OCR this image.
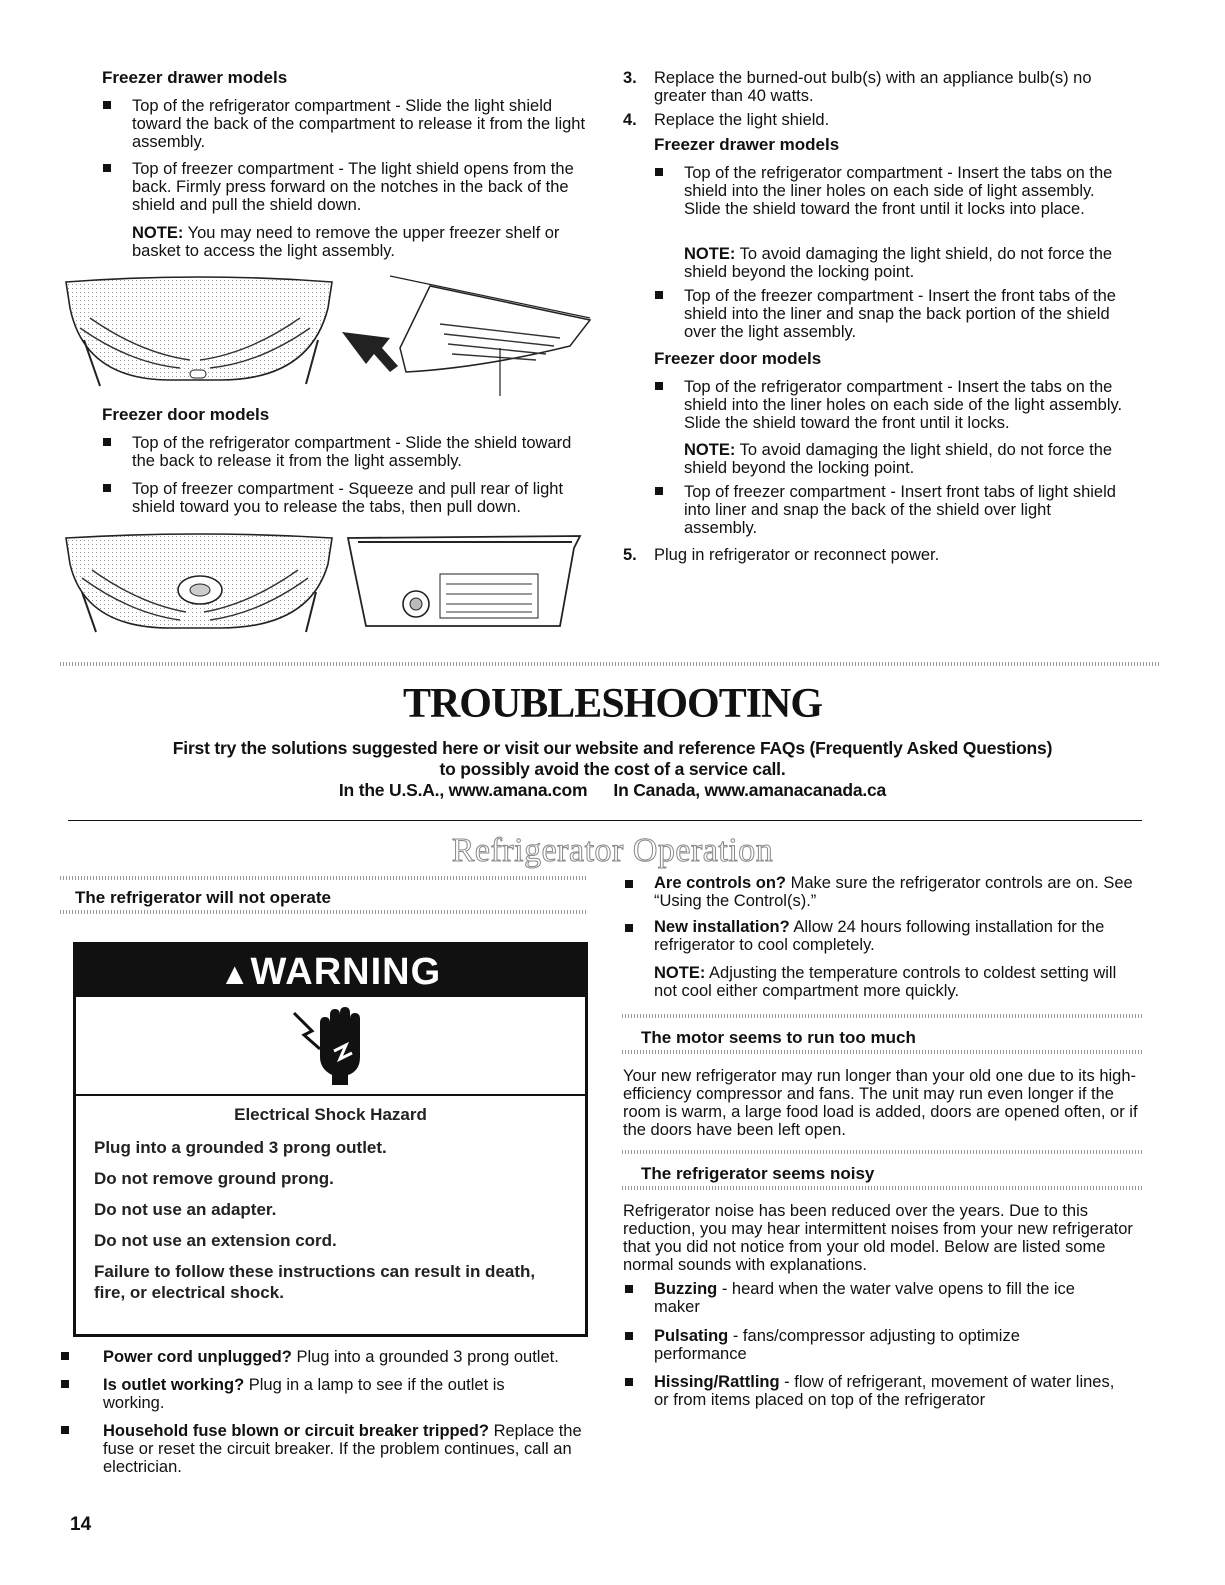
Freezer drawer models
Top of the refrigerator compartment - Slide the light shield toward the back of the compartment to release it from the light assembly.
Top of freezer compartment - The light shield opens from the back. Firmly press forward on the notches in the back of the shield and pull the shield down.
NOTE: You may need to remove the upper freezer shelf or basket to access the light assembly.
Freezer door models
Top of the refrigerator compartment - Slide the shield toward the back to release it from the light assembly.
Top of freezer compartment - Squeeze and pull rear of light shield toward you to release the tabs, then pull down.
3. Replace the burned-out bulb(s) with an appliance bulb(s) no greater than 40 watts.
4. Replace the light shield.
Freezer drawer models
Top of the refrigerator compartment - Insert the tabs on the shield into the liner holes on each side of light assembly. Slide the shield toward the front until it locks into place.
NOTE: To avoid damaging the light shield, do not force the shield beyond the locking point.
Top of the freezer compartment - Insert the front tabs of the shield into the liner and snap the back portion of the shield over the light assembly.
Freezer door models
Top of the refrigerator compartment - Insert the tabs on the shield into the liner holes on each side of the light assembly. Slide the shield toward the front until it locks.
NOTE: To avoid damaging the light shield, do not force the shield beyond the locking point.
Top of freezer compartment - Insert front tabs of light shield into liner and snap the back of the shield over light assembly.
5. Plug in refrigerator or reconnect power.
TROUBLESHOOTING
First try the solutions suggested here or visit our website and reference FAQs (Frequently Asked Questions)
to possibly avoid the cost of a service call.
In the U.S.A., www.amana.com In Canada, www.amanacanada.ca
Refrigerator Operation
The refrigerator will not operate
▲WARNING
Electrical Shock Hazard
Plug into a grounded 3 prong outlet.
Do not remove ground prong.
Do not use an adapter.
Do not use an extension cord.
Failure to follow these instructions can result in death,
fire, or electrical shock.
Power cord unplugged? Plug into a grounded 3 prong outlet.
Is outlet working? Plug in a lamp to see if the outlet is working.
Household fuse blown or circuit breaker tripped? Replace the fuse or reset the circuit breaker. If the problem continues, call an electrician.
Are controls on? Make sure the refrigerator controls are on. See “Using the Control(s).”
New installation? Allow 24 hours following installation for the refrigerator to cool completely.
NOTE: Adjusting the temperature controls to coldest setting will not cool either compartment more quickly.
The motor seems to run too much
Your new refrigerator may run longer than your old one due to its high-efficiency compressor and fans. The unit may run even longer if the room is warm, a large food load is added, doors are opened often, or if the doors have been left open.
The refrigerator seems noisy
Refrigerator noise has been reduced over the years. Due to this reduction, you may hear intermittent noises from your new refrigerator that you did not notice from your old model. Below are listed some normal sounds with explanations.
Buzzing - heard when the water valve opens to fill the ice maker
Pulsating - fans/compressor adjusting to optimize performance
Hissing/Rattling - flow of refrigerant, movement of water lines, or from items placed on top of the refrigerator
14
